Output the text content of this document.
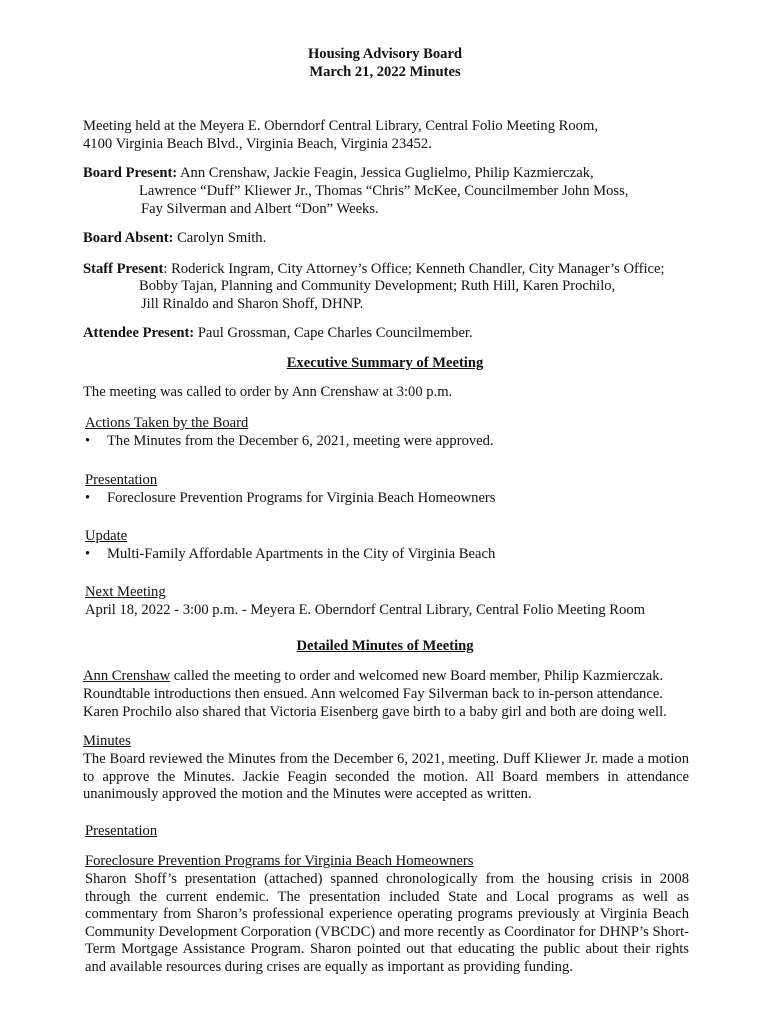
Housing Advisory Board
March 21, 2022 Minutes
Meeting held at the Meyera E. Oberndorf Central Library, Central Folio Meeting Room,
4100 Virginia Beach Blvd., Virginia Beach, Virginia 23452.
Board Present: Ann Crenshaw, Jackie Feagin, Jessica Guglielmo, Philip Kazmierczak,
Lawrence “Duff” Kliewer Jr., Thomas “Chris” McKee, Councilmember John Moss,
Fay Silverman and Albert “Don” Weeks.
Board Absent: Carolyn Smith.
Staff Present: Roderick Ingram, City Attorney’s Office; Kenneth Chandler, City Manager’s Office;
Bobby Tajan, Planning and Community Development; Ruth Hill, Karen Prochilo,
Jill Rinaldo and Sharon Shoff, DHNP.
Attendee Present: Paul Grossman, Cape Charles Councilmember.
Executive Summary of Meeting
The meeting was called to order by Ann Crenshaw at 3:00 p.m.
Actions Taken by the Board
• The Minutes from the December 6, 2021, meeting were approved.
Presentation
• Foreclosure Prevention Programs for Virginia Beach Homeowners
Update
• Multi-Family Affordable Apartments in the City of Virginia Beach
Next Meeting
April 18, 2022 - 3:00 p.m. - Meyera E. Oberndorf Central Library, Central Folio Meeting Room
Detailed Minutes of Meeting
Ann Crenshaw called the meeting to order and welcomed new Board member, Philip Kazmierczak.
Roundtable introductions then ensued. Ann welcomed Fay Silverman back to in-person attendance.
Karen Prochilo also shared that Victoria Eisenberg gave birth to a baby girl and both are doing well.
Minutes
The Board reviewed the Minutes from the December 6, 2021, meeting. Duff Kliewer Jr. made a motion to approve the Minutes. Jackie Feagin seconded the motion. All Board members in attendance unanimously approved the motion and the Minutes were accepted as written.
Presentation
Foreclosure Prevention Programs for Virginia Beach Homeowners
Sharon Shoff’s presentation (attached) spanned chronologically from the housing crisis in 2008 through the current endemic. The presentation included State and Local programs as well as commentary from Sharon’s professional experience operating programs previously at Virginia Beach Community Development Corporation (VBCDC) and more recently as Coordinator for DHNP’s Short-Term Mortgage Assistance Program. Sharon pointed out that educating the public about their rights and available resources during crises are equally as important as providing funding.
